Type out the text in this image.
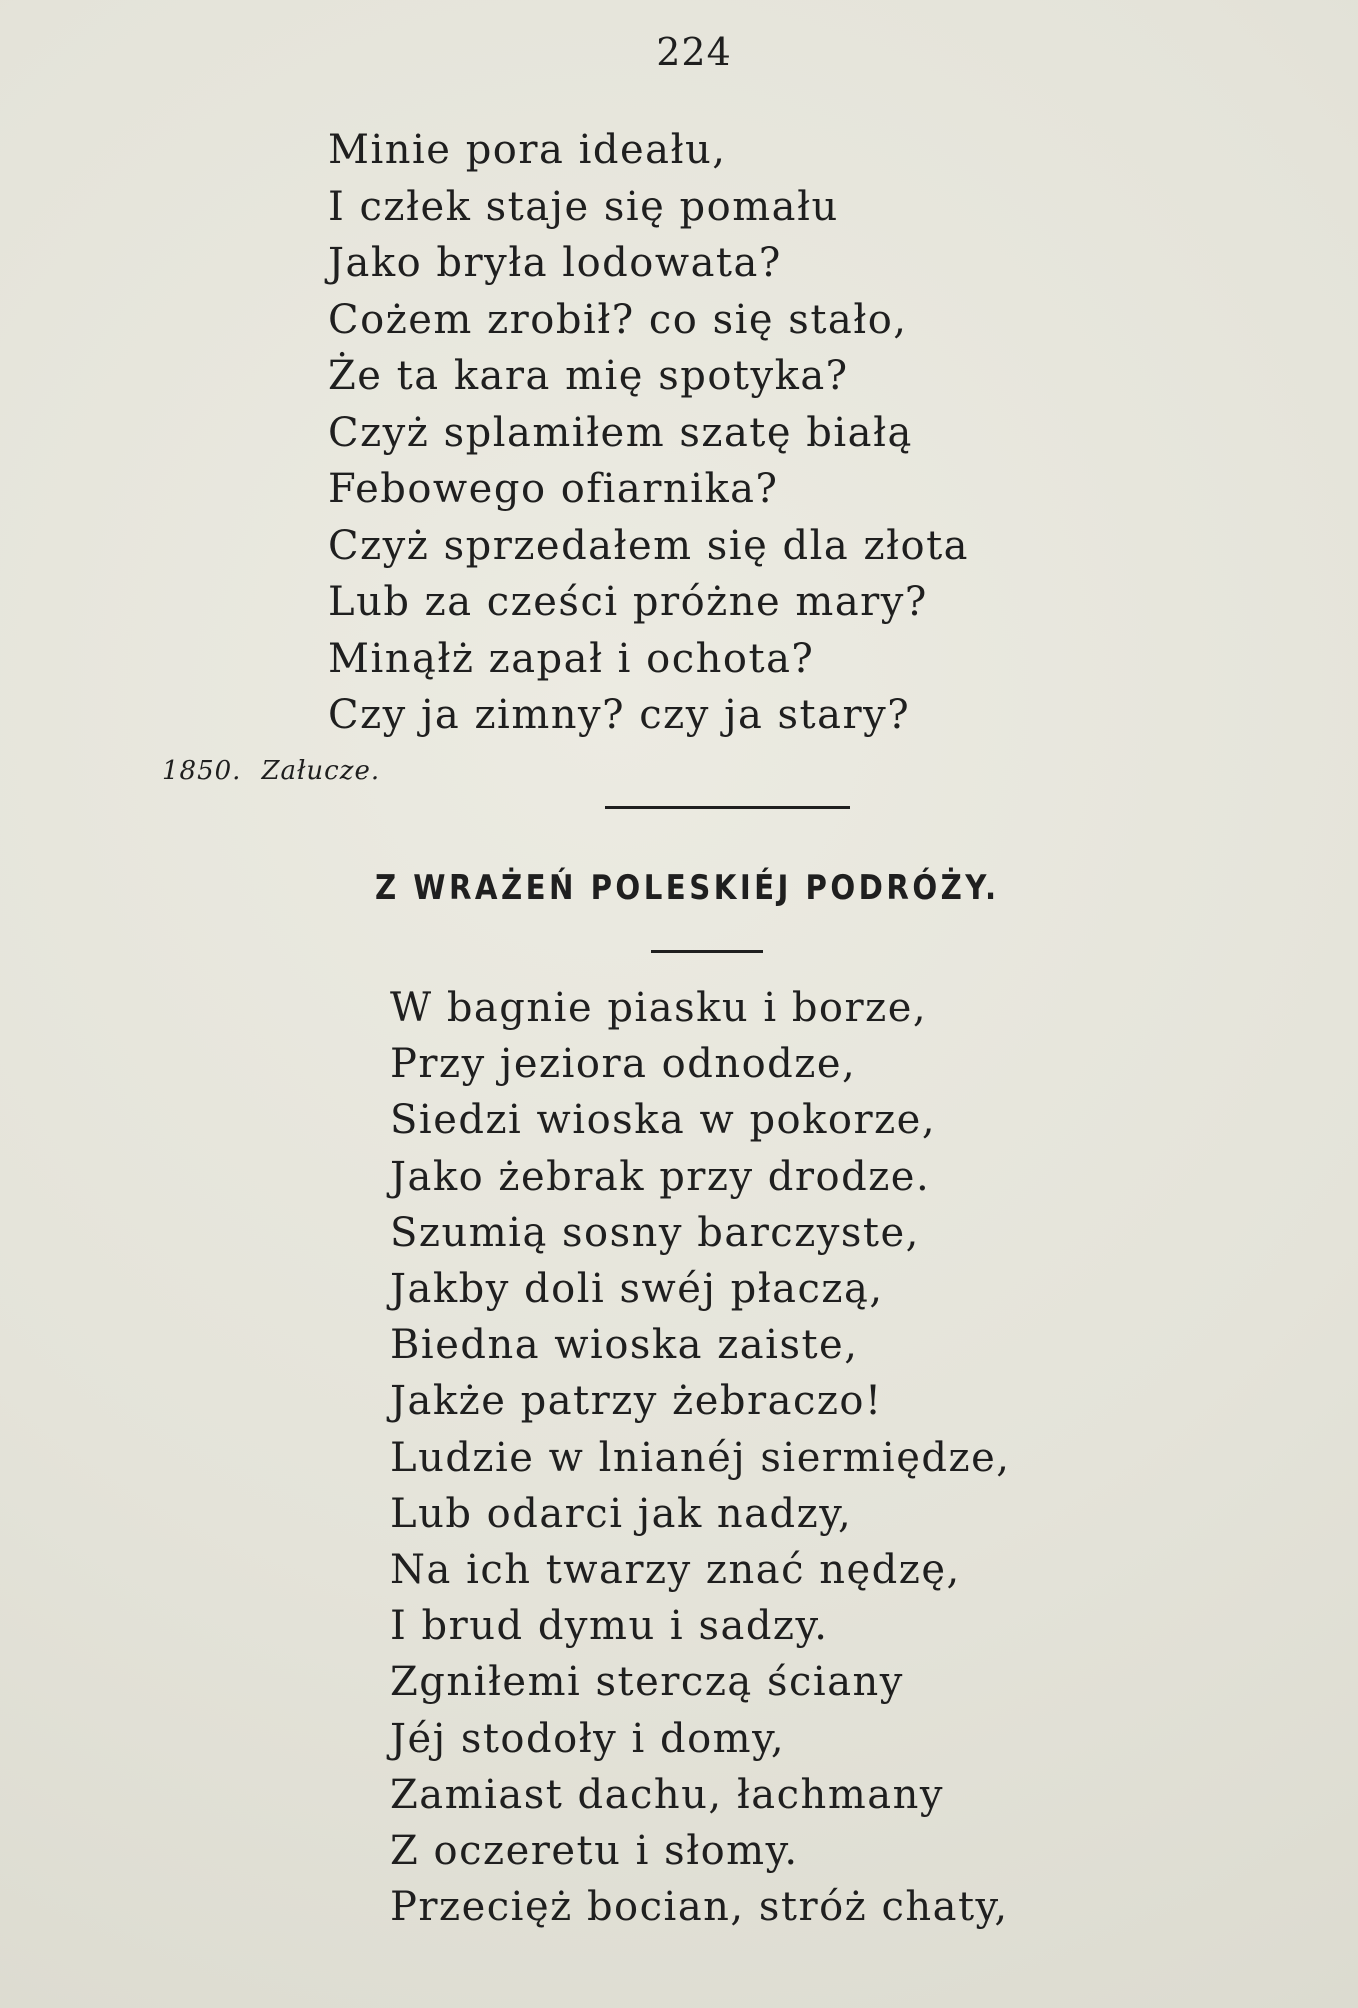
224
Minie pora ideału,
I człek staje się pomału
Jako bryła lodowata?
Cożem zrobił? co się stało,
Że ta kara mię spotyka?
Czyż splamiłem szatę białą
Febowego ofiarnika?
Czyż sprzedałem się dla złota
Lub za cześci próżne mary?
Minąłż zapał i ochota?
Czy ja zimny? czy ja stary?
1850. Załucze.
Z WRAŻEŃ POLESKIÉJ PODRÓŻY.
W bagnie piasku i borze,
Przy jeziora odnodze,
Siedzi wioska w pokorze,
Jako żebrak przy drodze.
Szumią sosny barczyste,
Jakby doli swéj płaczą,
Biedna wioska zaiste,
Jakże patrzy żebraczo!
Ludzie w lnianéj siermiędze,
Lub odarci jak nadzy,
Na ich twarzy znać nędzę,
I brud dymu i sadzy.
Zgniłemi sterczą ściany
Jéj stodoły i domy,
Zamiast dachu, łachmany
Z oczeretu i słomy.
Przecięż bocian, stróż chaty,
